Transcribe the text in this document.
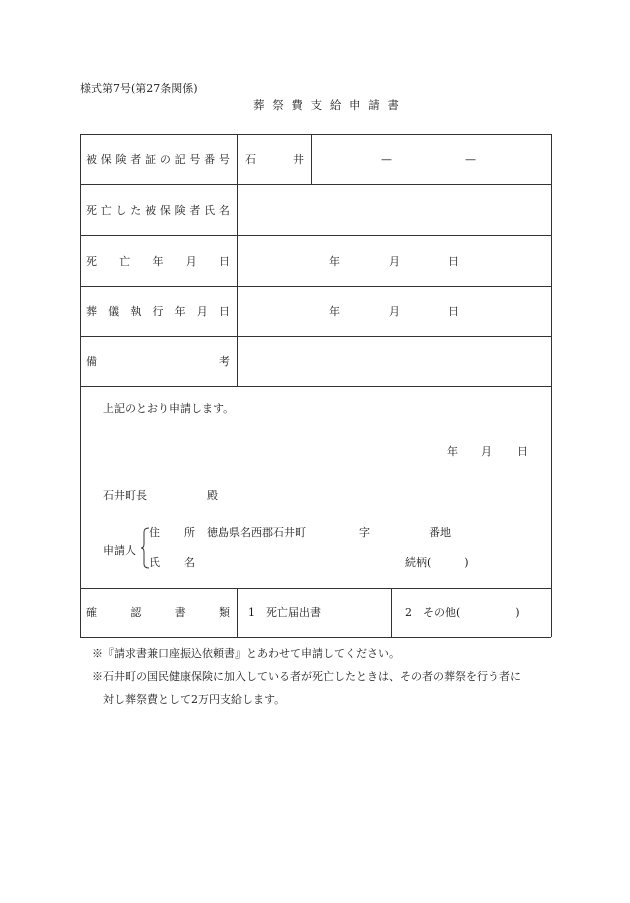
様式第7号(第27条関係)
葬 祭 費 支 給 申 請 書
被 保 険 者 証 の 記 号 番 号 石	井	—	—
死 亡 し た 被 保 険 者 氏 名
死 亡 年 月 日	年	月	日
葬 儀 執 行 年 月 日	年	月	日
備	考
上記のとおり申請します。
年 月 日
石井町長	殿
申請人
住 所 徳島県名西郡石井町	字	番地
氏 名	続柄(　　　)
確	認	書	類 1　死亡届出書	2　その他(　　　　　)
※『請求書兼口座振込依頼書』とあわせて申請してください。
※石井町の国民健康保険に加入している者が死亡したときは、その者の葬祭を行う者に
対し葬祭費として2万円支給します。
